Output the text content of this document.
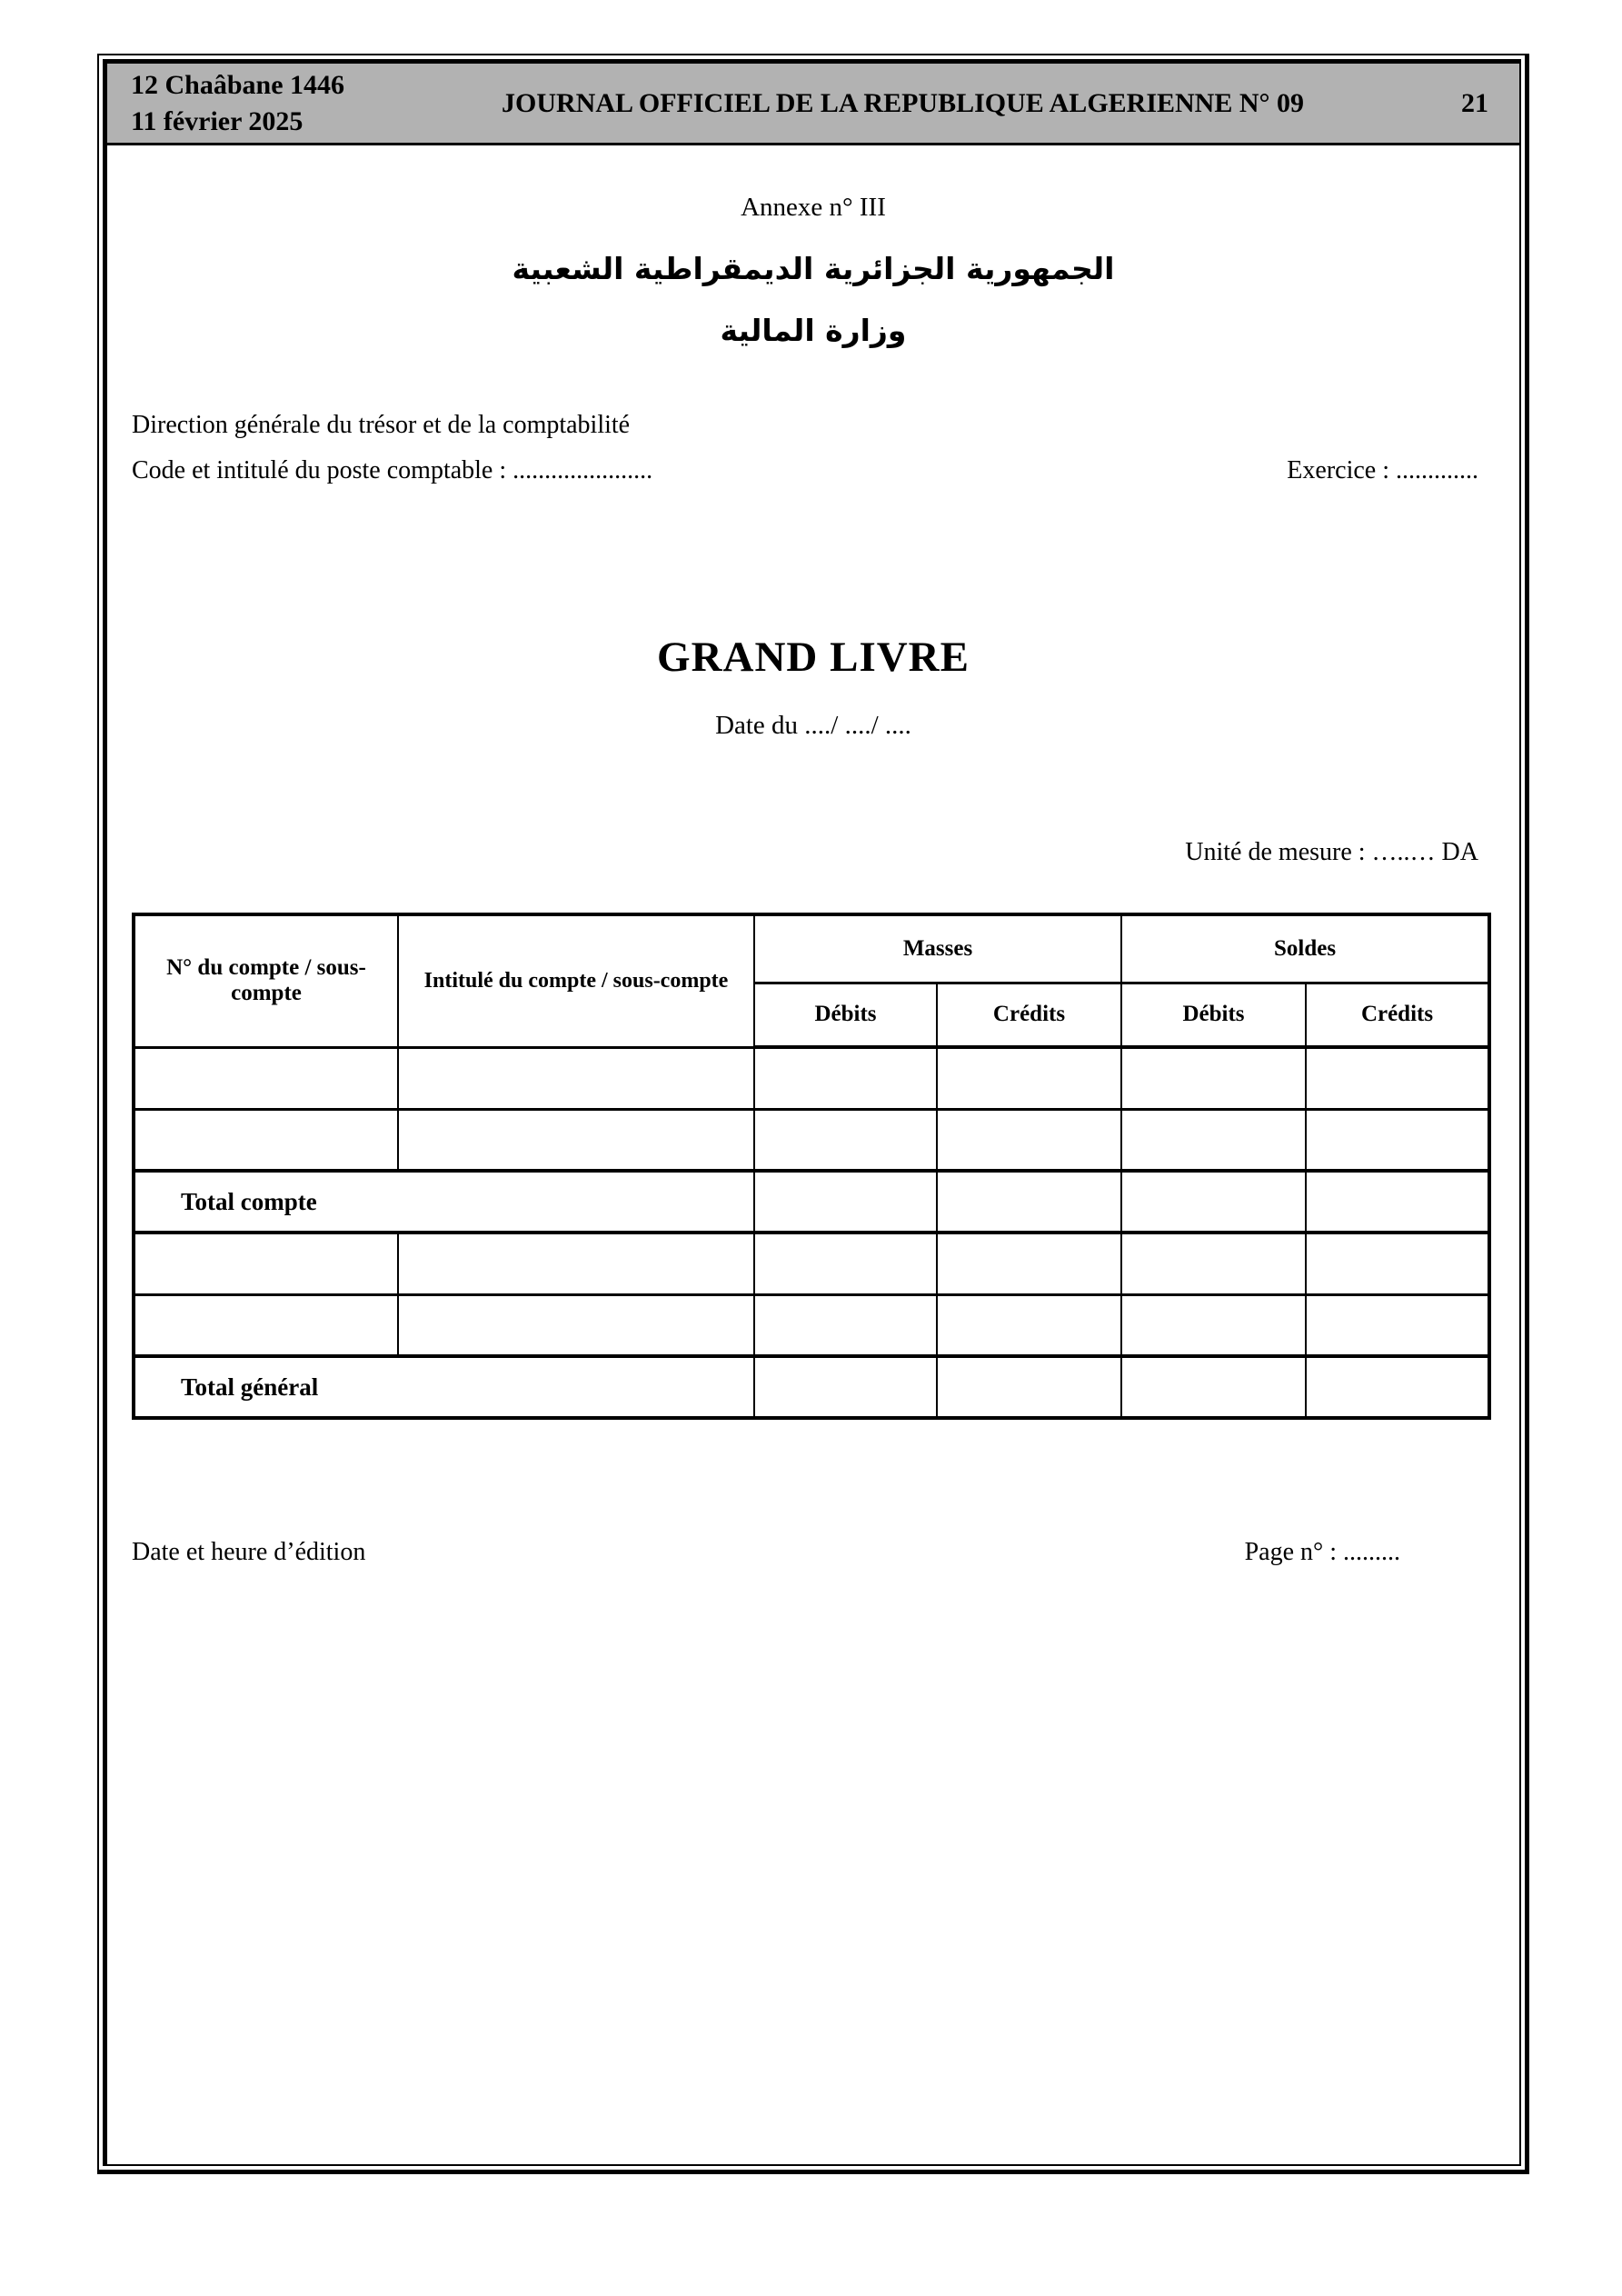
12 Chaâbane 1446
11 février 2025
JOURNAL OFFICIEL DE LA REPUBLIQUE ALGERIENNE N° 09	21
Annexe n° III
الجمهورية الجزائرية الديمقراطية الشعبية
وزارة المالية
Direction générale du trésor et de la comptabilité
Code et intitulé du poste comptable : ......................	Exercice : .............
GRAND LIVRE
Date du ..../ ..../ ....
Unité de mesure : …..… DA
N° du compte / sous-compte	Intitulé du compte / sous-compte	Masses		Soldes	
		Débits	Crédits	Débits	Crédits

Total compte					

Total général					
Date et heure d’édition	Page n° : .........
